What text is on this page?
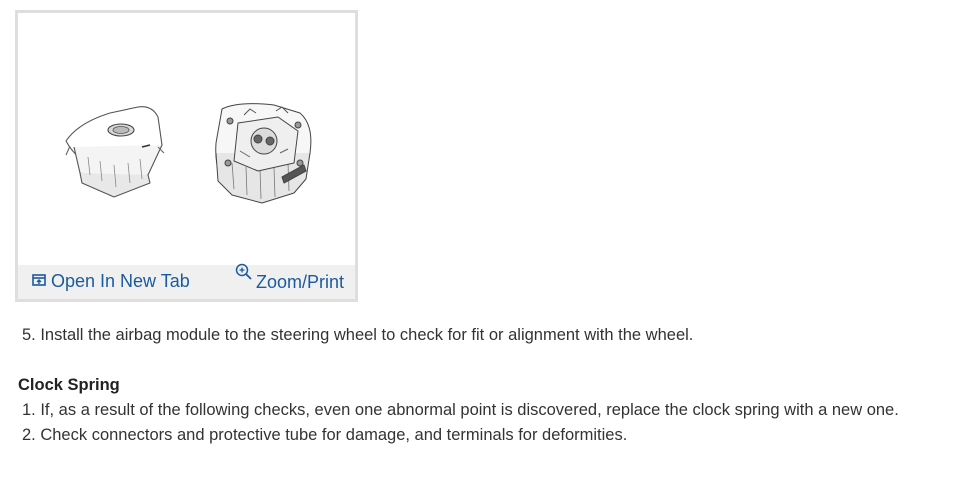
Open In New Tab	Zoom/Print

5. Install the airbag module to the steering wheel to check for fit or alignment with the wheel.

Clock Spring

1. If, as a result of the following checks, even one abnormal point is discovered, replace the clock spring with a new one.

2. Check connectors and protective tube for damage, and terminals for deformities.
